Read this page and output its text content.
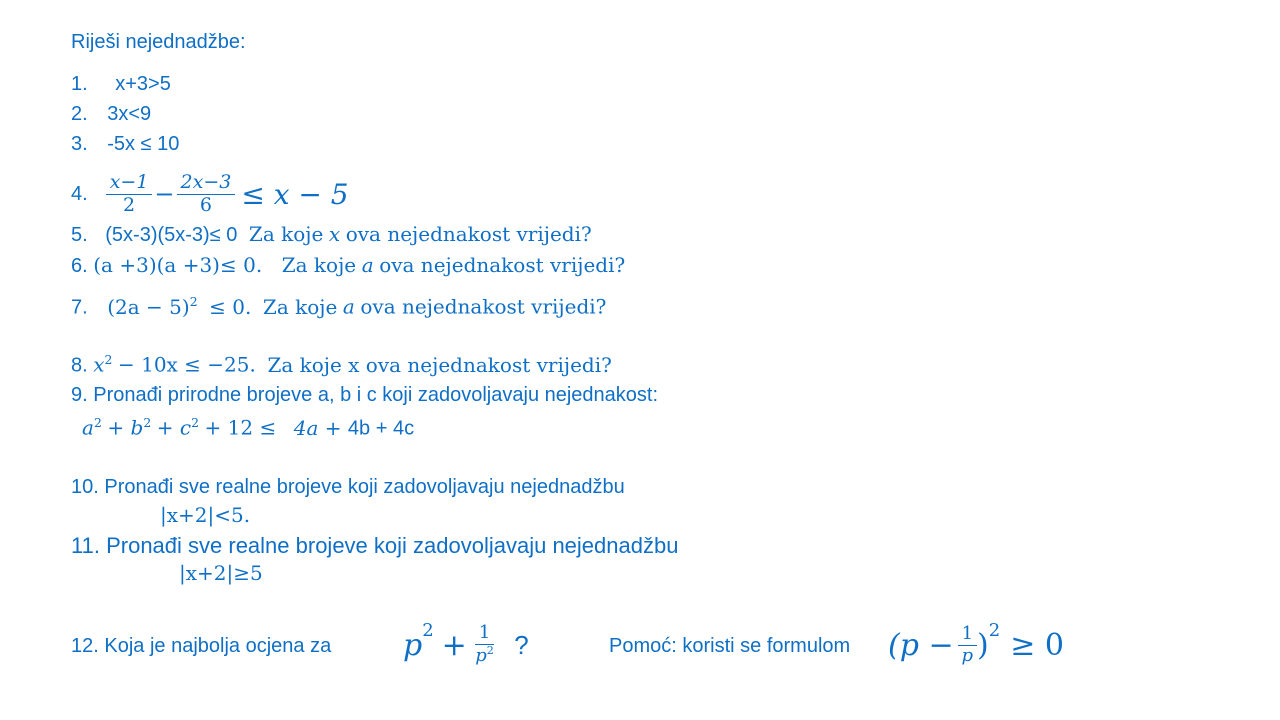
Riješi nejednadžbe:
1. x+3>5
2. 3x<9
3. -5x ≤ 10
4. $\frac{x-1}{2} - \frac{2x-3}{6} \le x - 5$
5. (5x-3)(5x-3)≤ 0 Za koje x ova nejednakost vrijedi?
6. (a +3)(a +3)≤ 0. Za koje a ova nejednakost vrijedi?
7. $(2a - 5)^2 \le 0$. Za koje a ova nejednakost vrijedi?
8. $x^2 - 10x \le -25$. Za koje x ova nejednakost vrijedi?
9. Pronađi prirodne brojeve a, b i c koji zadovoljavaju nejednakost:
$a^2 + b^2 + c^2 + 12 \le 4a + 4b + 4c$
10. Pronađi sve realne brojeve koji zadovoljavaju nejednadžbu
|x+2|<5.
11. Pronađi sve realne brojeve koji zadovoljavaju nejednadžbu
|x+2|≥5
12. Koja je najbolja ocjena za p $2 + \frac{1}{p^2}$ ?	Pomoć: koristi se formulom ($p - \frac{1}{p}$ ) 2 ≥ 0
